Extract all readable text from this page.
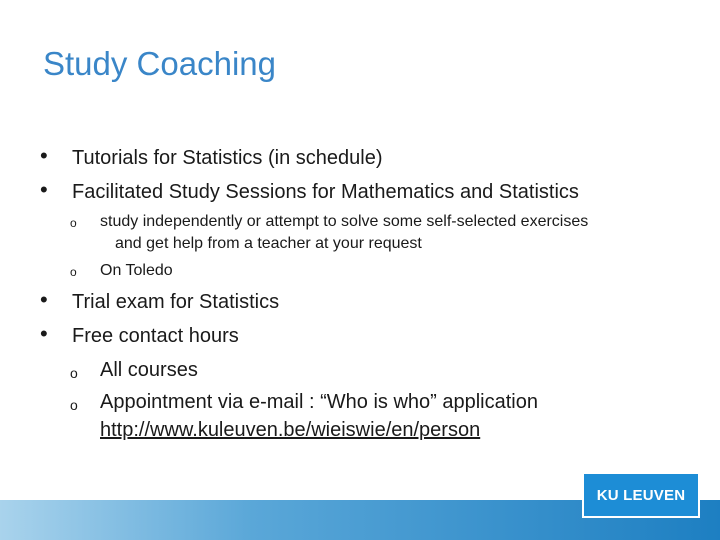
Study Coaching
• Tutorials for Statistics (in schedule)
• Facilitated Study Sessions for Mathematics and Statistics
o study independently or attempt to solve some self-selected exercises
and get help from a teacher at your request
o On Toledo
• Trial exam for Statistics
• Free contact hours
o All courses
o Appointment via e-mail : “Who is who” application
http://www.kuleuven.be/wieiswie/en/person
KU LEUVEN
